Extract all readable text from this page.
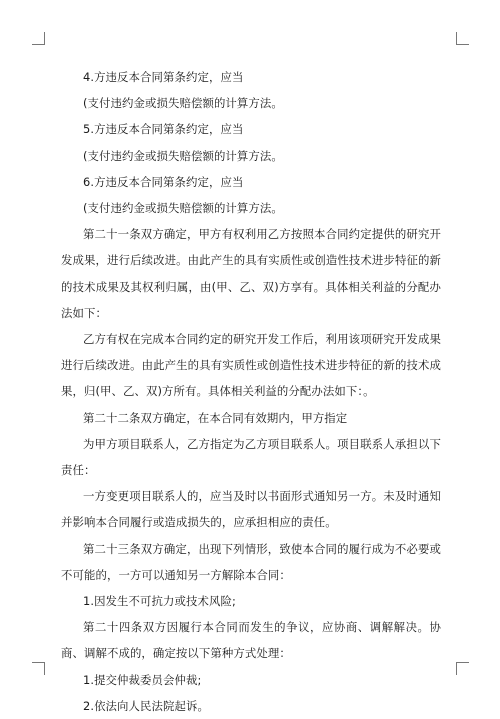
4.方违反本合同第条约定，应当

(支付违约金或损失赔偿额的计算方法。

5.方违反本合同第条约定，应当

(支付违约金或损失赔偿额的计算方法。

6.方违反本合同第条约定，应当

(支付违约金或损失赔偿额的计算方法。

第二十一条双方确定，甲方有权利用乙方按照本合同约定提供的研究开发成果，进行后续改进。由此产生的具有实质性或创造性技术进步特征的新的技术成果及其权利归属，由(甲、乙、双)方享有。具体相关利益的分配办法如下：

乙方有权在完成本合同约定的研究开发工作后，利用该项研究开发成果进行后续改进。由此产生的具有实质性或创造性技术进步特征的新的技术成果，归(甲、乙、双)方所有。具体相关利益的分配办法如下：。

第二十二条双方确定，在本合同有效期内，甲方指定

为甲方项目联系人，乙方指定为乙方项目联系人。项目联系人承担以下责任：

一方变更项目联系人的，应当及时以书面形式通知另一方。未及时通知并影响本合同履行或造成损失的，应承担相应的责任。

第二十三条双方确定，出现下列情形，致使本合同的履行成为不必要或不可能的，一方可以通知另一方解除本合同：

1.因发生不可抗力或技术风险;

第二十四条双方因履行本合同而发生的争议，应协商、调解解决。协商、调解不成的，确定按以下第种方式处理：

1.提交仲裁委员会仲裁;

2.依法向人民法院起诉。
